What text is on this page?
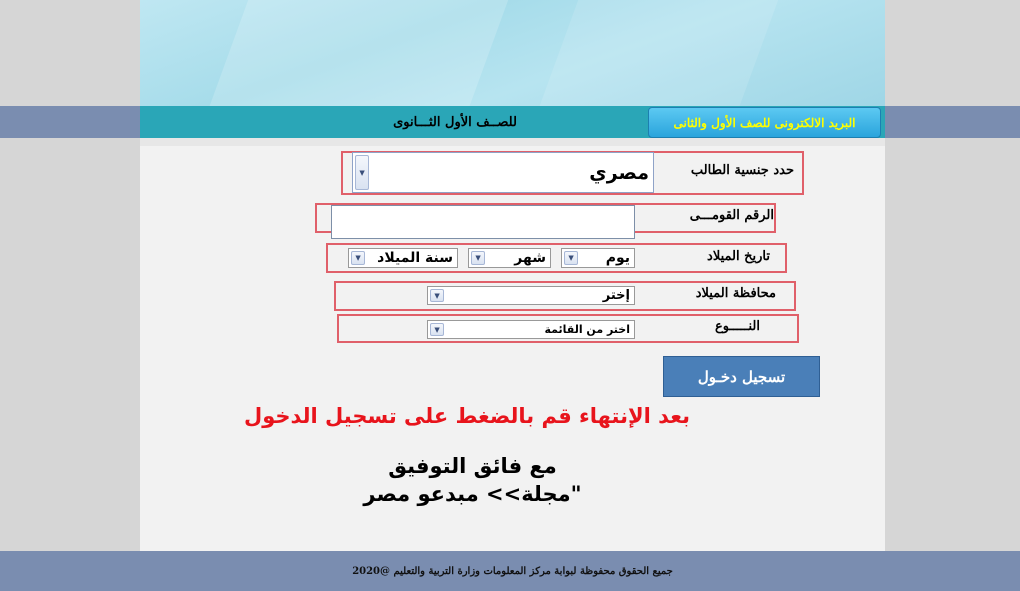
البريد الالكترونى للصف الأول والثانى
للصــف الأول الثـــانوى
حدد جنسية الطالب
مصري
▼
الرقم القومـــى
تاريخ الميلاد
يوم
▼
شهر
▼
سنة الميلاد
▼
محافظة الميلاد
إختر
▼
النـــــوع
اختر من القائمة
▼
تسجيل دخـول
بعد الإنتهاء قم بالضغط على تسجيل الدخول
مع فائق التوفيق
"مجلة>> مبدعو مصر
جميع الحقوق محفوظة لبوابة مركز المعلومات وزارة التربية والتعليم @2020
